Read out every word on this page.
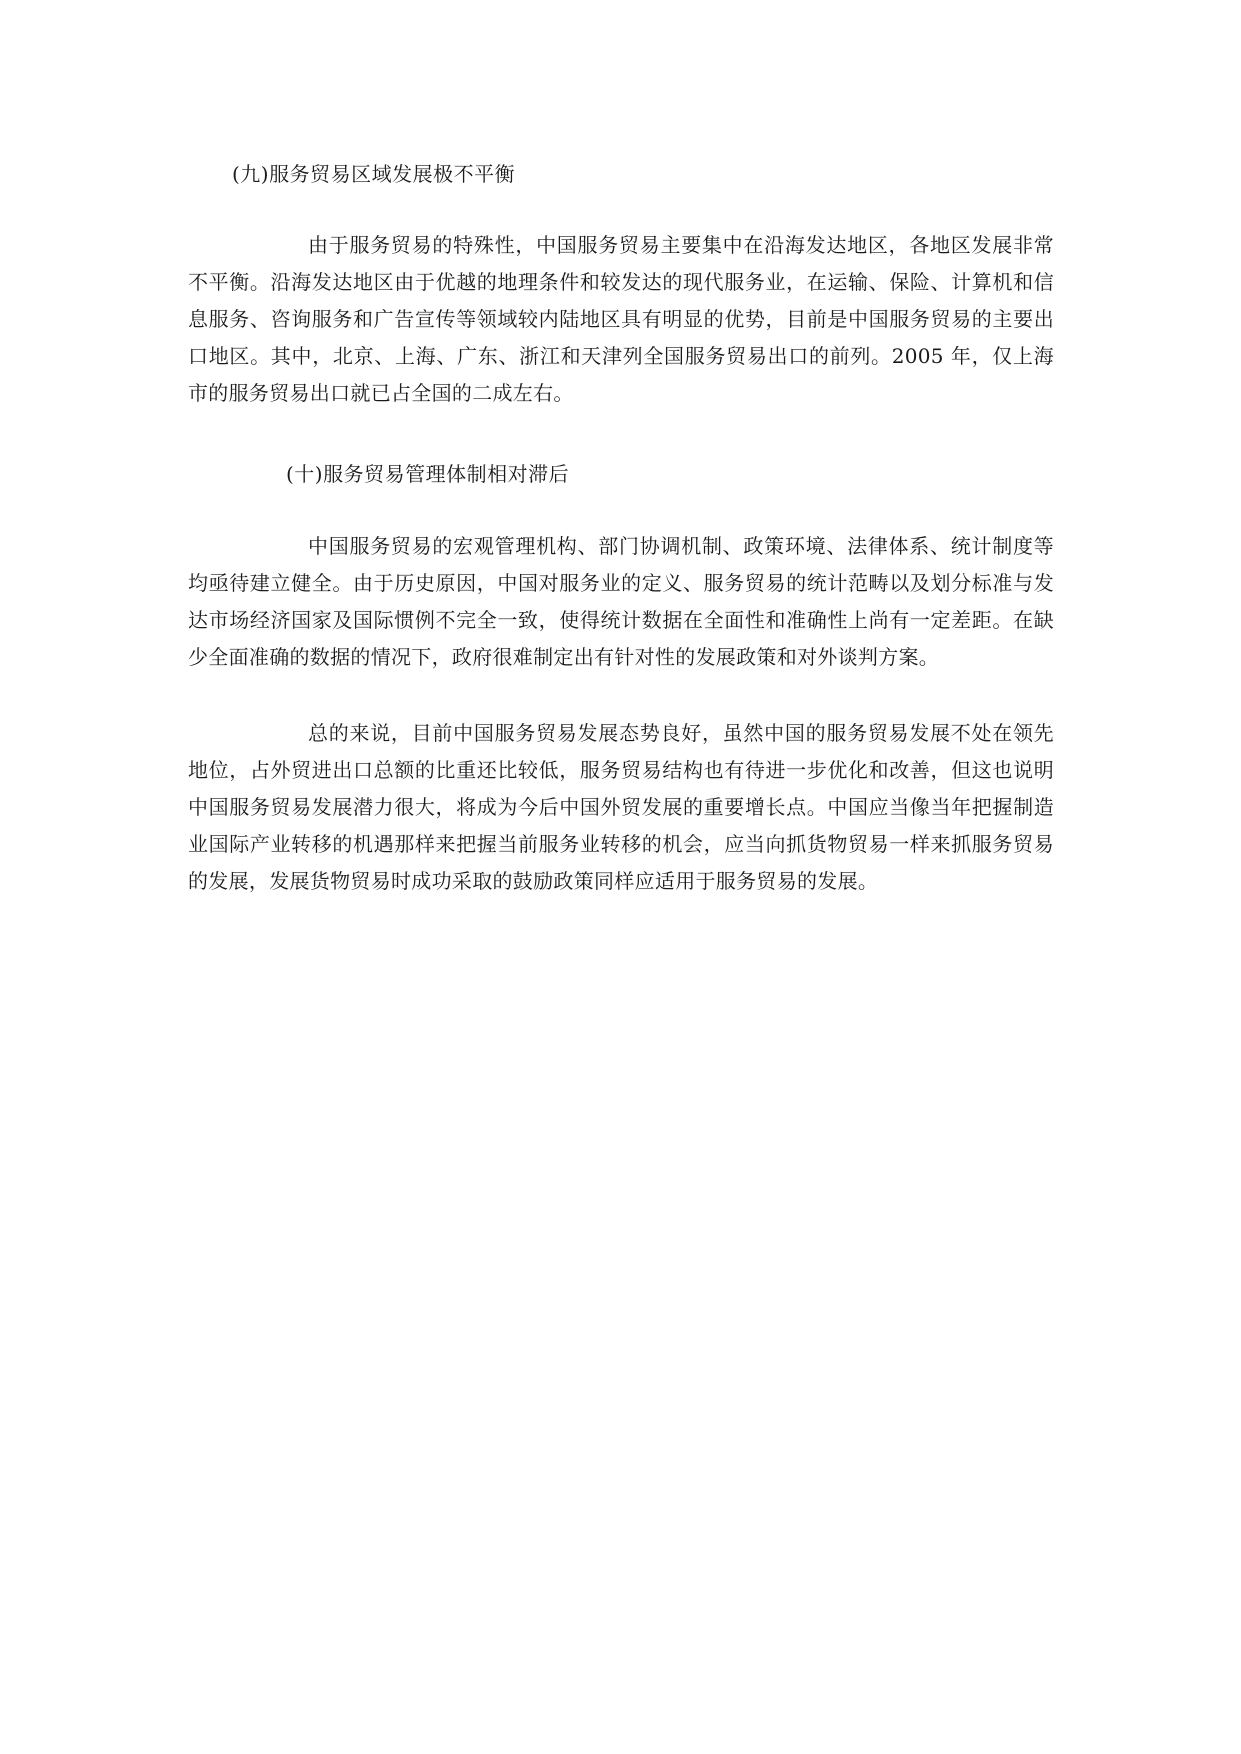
(九)服务贸易区域发展极不平衡

由于服务贸易的特殊性，中国服务贸易主要集中在沿海发达地区，各地区发展非常不平衡。沿海发达地区由于优越的地理条件和较发达的现代服务业，在运输、保险、计算机和信息服务、咨询服务和广告宣传等领域较内陆地区具有明显的优势，目前是中国服务贸易的主要出口地区。其中，北京、上海、广东、浙江和天津列全国服务贸易出口的前列。2005 年，仅上海市的服务贸易出口就已占全国的二成左右。

(十)服务贸易管理体制相对滞后

中国服务贸易的宏观管理机构、部门协调机制、政策环境、法律体系、统计制度等均亟待建立健全。由于历史原因，中国对服务业的定义、服务贸易的统计范畴以及划分标准与发达市场经济国家及国际惯例不完全一致，使得统计数据在全面性和准确性上尚有一定差距。在缺少全面准确的数据的情况下，政府很难制定出有针对性的发展政策和对外谈判方案。

总的来说，目前中国服务贸易发展态势良好，虽然中国的服务贸易发展不处在领先地位，占外贸进出口总额的比重还比较低，服务贸易结构也有待进一步优化和改善，但这也说明中国服务贸易发展潜力很大，将成为今后中国外贸发展的重要增长点。中国应当像当年把握制造业国际产业转移的机遇那样来把握当前服务业转移的机会，应当向抓货物贸易一样来抓服务贸易的发展，发展货物贸易时成功采取的鼓励政策同样应适用于服务贸易的发展。
